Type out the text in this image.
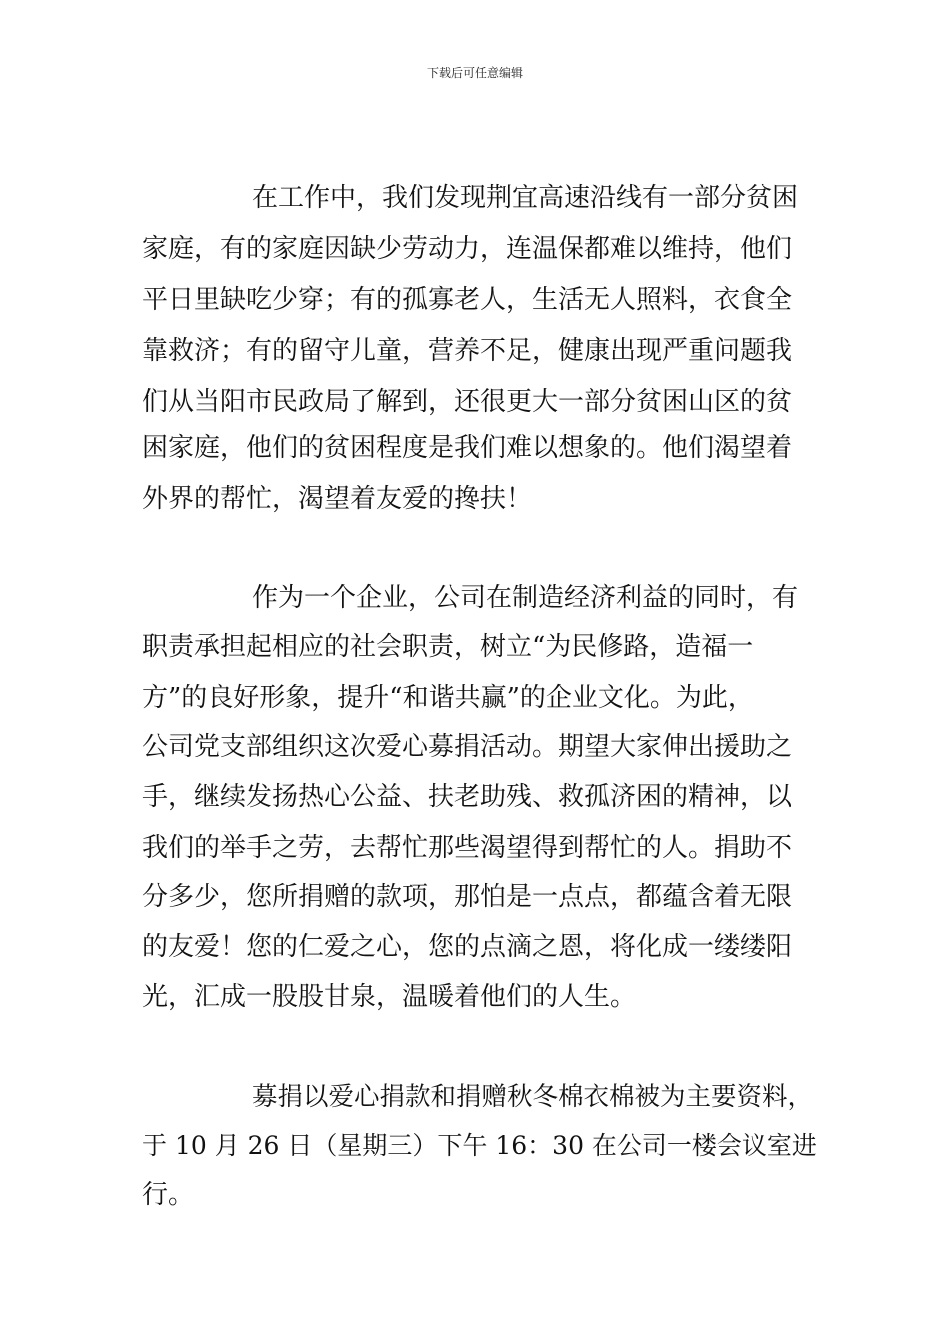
下载后可任意编辑
在工作中，我们发现荆宜高速沿线有一部分贫困
家庭，有的家庭因缺少劳动力，连温保都难以维持，他们
平日里缺吃少穿；有的孤寡老人，生活无人照料，衣食全
靠救济；有的留守儿童，营养不足，健康出现严重问题我
们从当阳市民政局了解到，还很更大一部分贫困山区的贫
困家庭，他们的贫困程度是我们难以想象的。他们渴望着
外界的帮忙，渴望着友爱的搀扶！
作为一个企业，公司在制造经济利益的同时，有
职责承担起相应的社会职责，树立“为民修路，造福一
方”的良好形象，提升“和谐共赢”的企业文化。为此，
公司党支部组织这次爱心募捐活动。期望大家伸出援助之
手，继续发扬热心公益、扶老助残、救孤济困的精神，以
我们的举手之劳，去帮忙那些渴望得到帮忙的人。捐助不
分多少，您所捐赠的款项，那怕是一点点，都蕴含着无限
的友爱！您的仁爱之心，您的点滴之恩，将化成一缕缕阳
光，汇成一股股甘泉，温暖着他们的人生。
募捐以爱心捐款和捐赠秋冬棉衣棉被为主要资料，
于 10 月 26 日（星期三）下午 16：30 在公司一楼会议室进
行。
